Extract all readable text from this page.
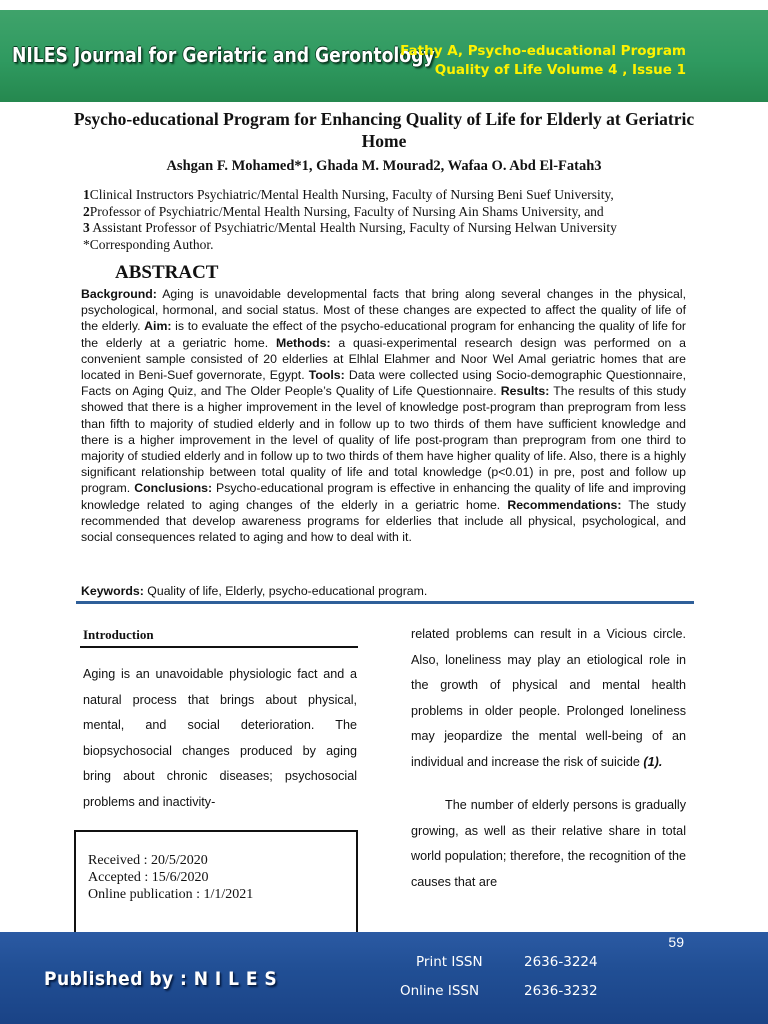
NILES Journal for Geriatric and Gerontology
Fathy A, Psycho-educational Program
Quality of Life Volume 4 , Issue 1
Psycho-educational Program for Enhancing Quality of Life for Elderly at Geriatric Home
Ashgan F. Mohamed*1, Ghada M. Mourad2, Wafaa O. Abd El-Fatah3
1Clinical Instructors Psychiatric/Mental Health Nursing, Faculty of Nursing Beni Suef University,
2Professor of Psychiatric/Mental Health Nursing, Faculty of Nursing Ain Shams University, and
3 Assistant Professor of Psychiatric/Mental Health Nursing, Faculty of Nursing Helwan University
*Corresponding Author.
ABSTRACT
Background: Aging is unavoidable developmental facts that bring along several changes in the physical, psychological, hormonal, and social status. Most of these changes are expected to affect the quality of life of the elderly. Aim: is to evaluate the effect of the psycho-educational program for enhancing the quality of life for the elderly at a geriatric home. Methods: a quasi-experimental research design was performed on a convenient sample consisted of 20 elderlies at Elhlal Elahmer and Noor Wel Amal geriatric homes that are located in Beni-Suef governorate, Egypt. Tools: Data were collected using Socio-demographic Questionnaire, Facts on Aging Quiz, and The Older People’s Quality of Life Questionnaire. Results: The results of this study showed that there is a higher improvement in the level of knowledge post-program than preprogram from less than fifth to majority of studied elderly and in follow up to two thirds of them have sufficient knowledge and there is a higher improvement in the level of quality of life post-program than preprogram from one third to majority of studied elderly and in follow up to two thirds of them have higher quality of life. Also, there is a highly significant relationship between total quality of life and total knowledge (p<0.01) in pre, post and follow up program. Conclusions: Psycho-educational program is effective in enhancing the quality of life and improving knowledge related to aging changes of the elderly in a geriatric home. Recommendations: The study recommended that develop awareness programs for elderlies that include all physical, psychological, and social consequences related to aging and how to deal with it.
Keywords: Quality of life, Elderly, psycho-educational program.
Introduction

Aging is an unavoidable physiologic fact and a natural process that brings about physical, mental, and social deterioration. The biopsychosocial changes produced by aging bring about chronic diseases; psychosocial problems and inactivity-

related problems can result in a Vicious circle. Also, loneliness may play an etiological role in the growth of physical and mental health problems in older people. Prolonged loneliness may jeopardize the mental well-being of an individual and increase the risk of suicide (1).

The number of elderly persons is gradually growing, as well as their relative share in total world population; therefore, the recognition of the causes that are

Received : 20/5/2020
Accepted : 15/6/2020
Online publication : 1/1/2021
59
Published by : N I L E S
Print ISSN	2636-3224
Online ISSN	2636-3232
